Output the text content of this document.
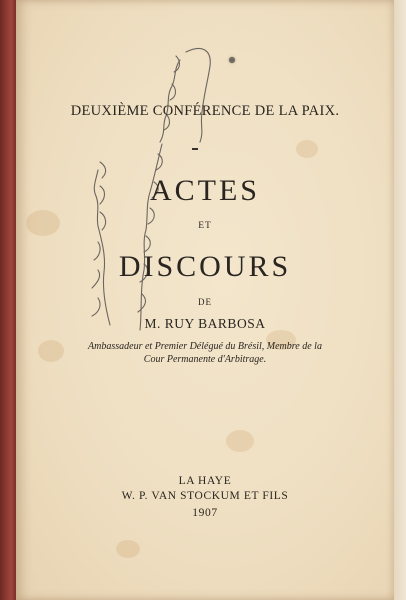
DEUXIÈME CONFÉRENCE DE LA PAIX.
ACTES
ET
DISCOURS
DE
M. RUY BARBOSA
Ambassadeur et Premier Délégué du Brésil, Membre de la
Cour Permanente d'Arbitrage.
LA HAYE
W. P. VAN STOCKUM ET FILS
1907
